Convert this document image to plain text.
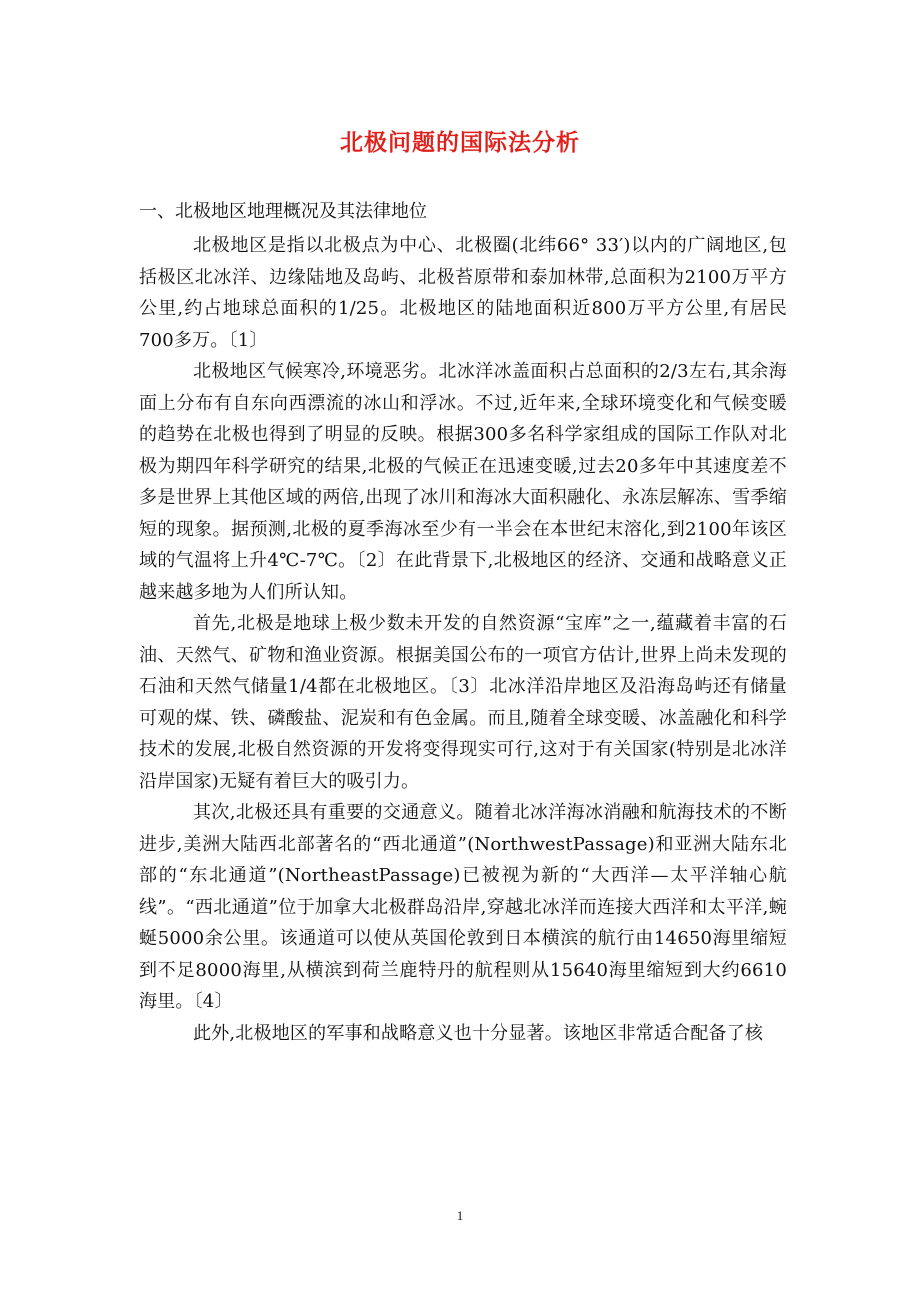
北极问题的国际法分析

一、北极地区地理概况及其法律地位

北极地区是指以北极点为中心、北极圈(北纬66° 33′)以内的广阔地区,包括极区北冰洋、边缘陆地及岛屿、北极苔原带和泰加林带,总面积为2100万平方公里,约占地球总面积的1/25。北极地区的陆地面积近800万平方公里,有居民700多万。〔1〕

北极地区气候寒冷,环境恶劣。北冰洋冰盖面积占总面积的2/3左右,其余海面上分布有自东向西漂流的冰山和浮冰。不过,近年来,全球环境变化和气候变暖的趋势在北极也得到了明显的反映。根据300多名科学家组成的国际工作队对北极为期四年科学研究的结果,北极的气候正在迅速变暖,过去20多年中其速度差不多是世界上其他区域的两倍,出现了冰川和海冰大面积融化、永冻层解冻、雪季缩短的现象。据预测,北极的夏季海冰至少有一半会在本世纪末溶化,到2100年该区域的气温将上升4℃-7℃。〔2〕在此背景下,北极地区的经济、交通和战略意义正越来越多地为人们所认知。

首先,北极是地球上极少数未开发的自然资源“宝库”之一,蕴藏着丰富的石油、天然气、矿物和渔业资源。根据美国公布的一项官方估计,世界上尚未发现的石油和天然气储量1/4都在北极地区。〔3〕北冰洋沿岸地区及沿海岛屿还有储量可观的煤、铁、磷酸盐、泥炭和有色金属。而且,随着全球变暖、冰盖融化和科学技术的发展,北极自然资源的开发将变得现实可行,这对于有关国家(特别是北冰洋沿岸国家)无疑有着巨大的吸引力。

其次,北极还具有重要的交通意义。随着北冰洋海冰消融和航海技术的不断进步,美洲大陆西北部著名的“西北通道”(NorthwestPassage)和亚洲大陆东北部的“东北通道”(NortheastPassage)已被视为新的“大西洋—太平洋轴心航线”。“西北通道”位于加拿大北极群岛沿岸,穿越北冰洋而连接大西洋和太平洋,蜿蜒5000余公里。该通道可以使从英国伦敦到日本横滨的航行由14650海里缩短到不足8000海里,从横滨到荷兰鹿特丹的航程则从15640海里缩短到大约6610海里。〔4〕

此外,北极地区的军事和战略意义也十分显著。该地区非常适合配备了核

1
